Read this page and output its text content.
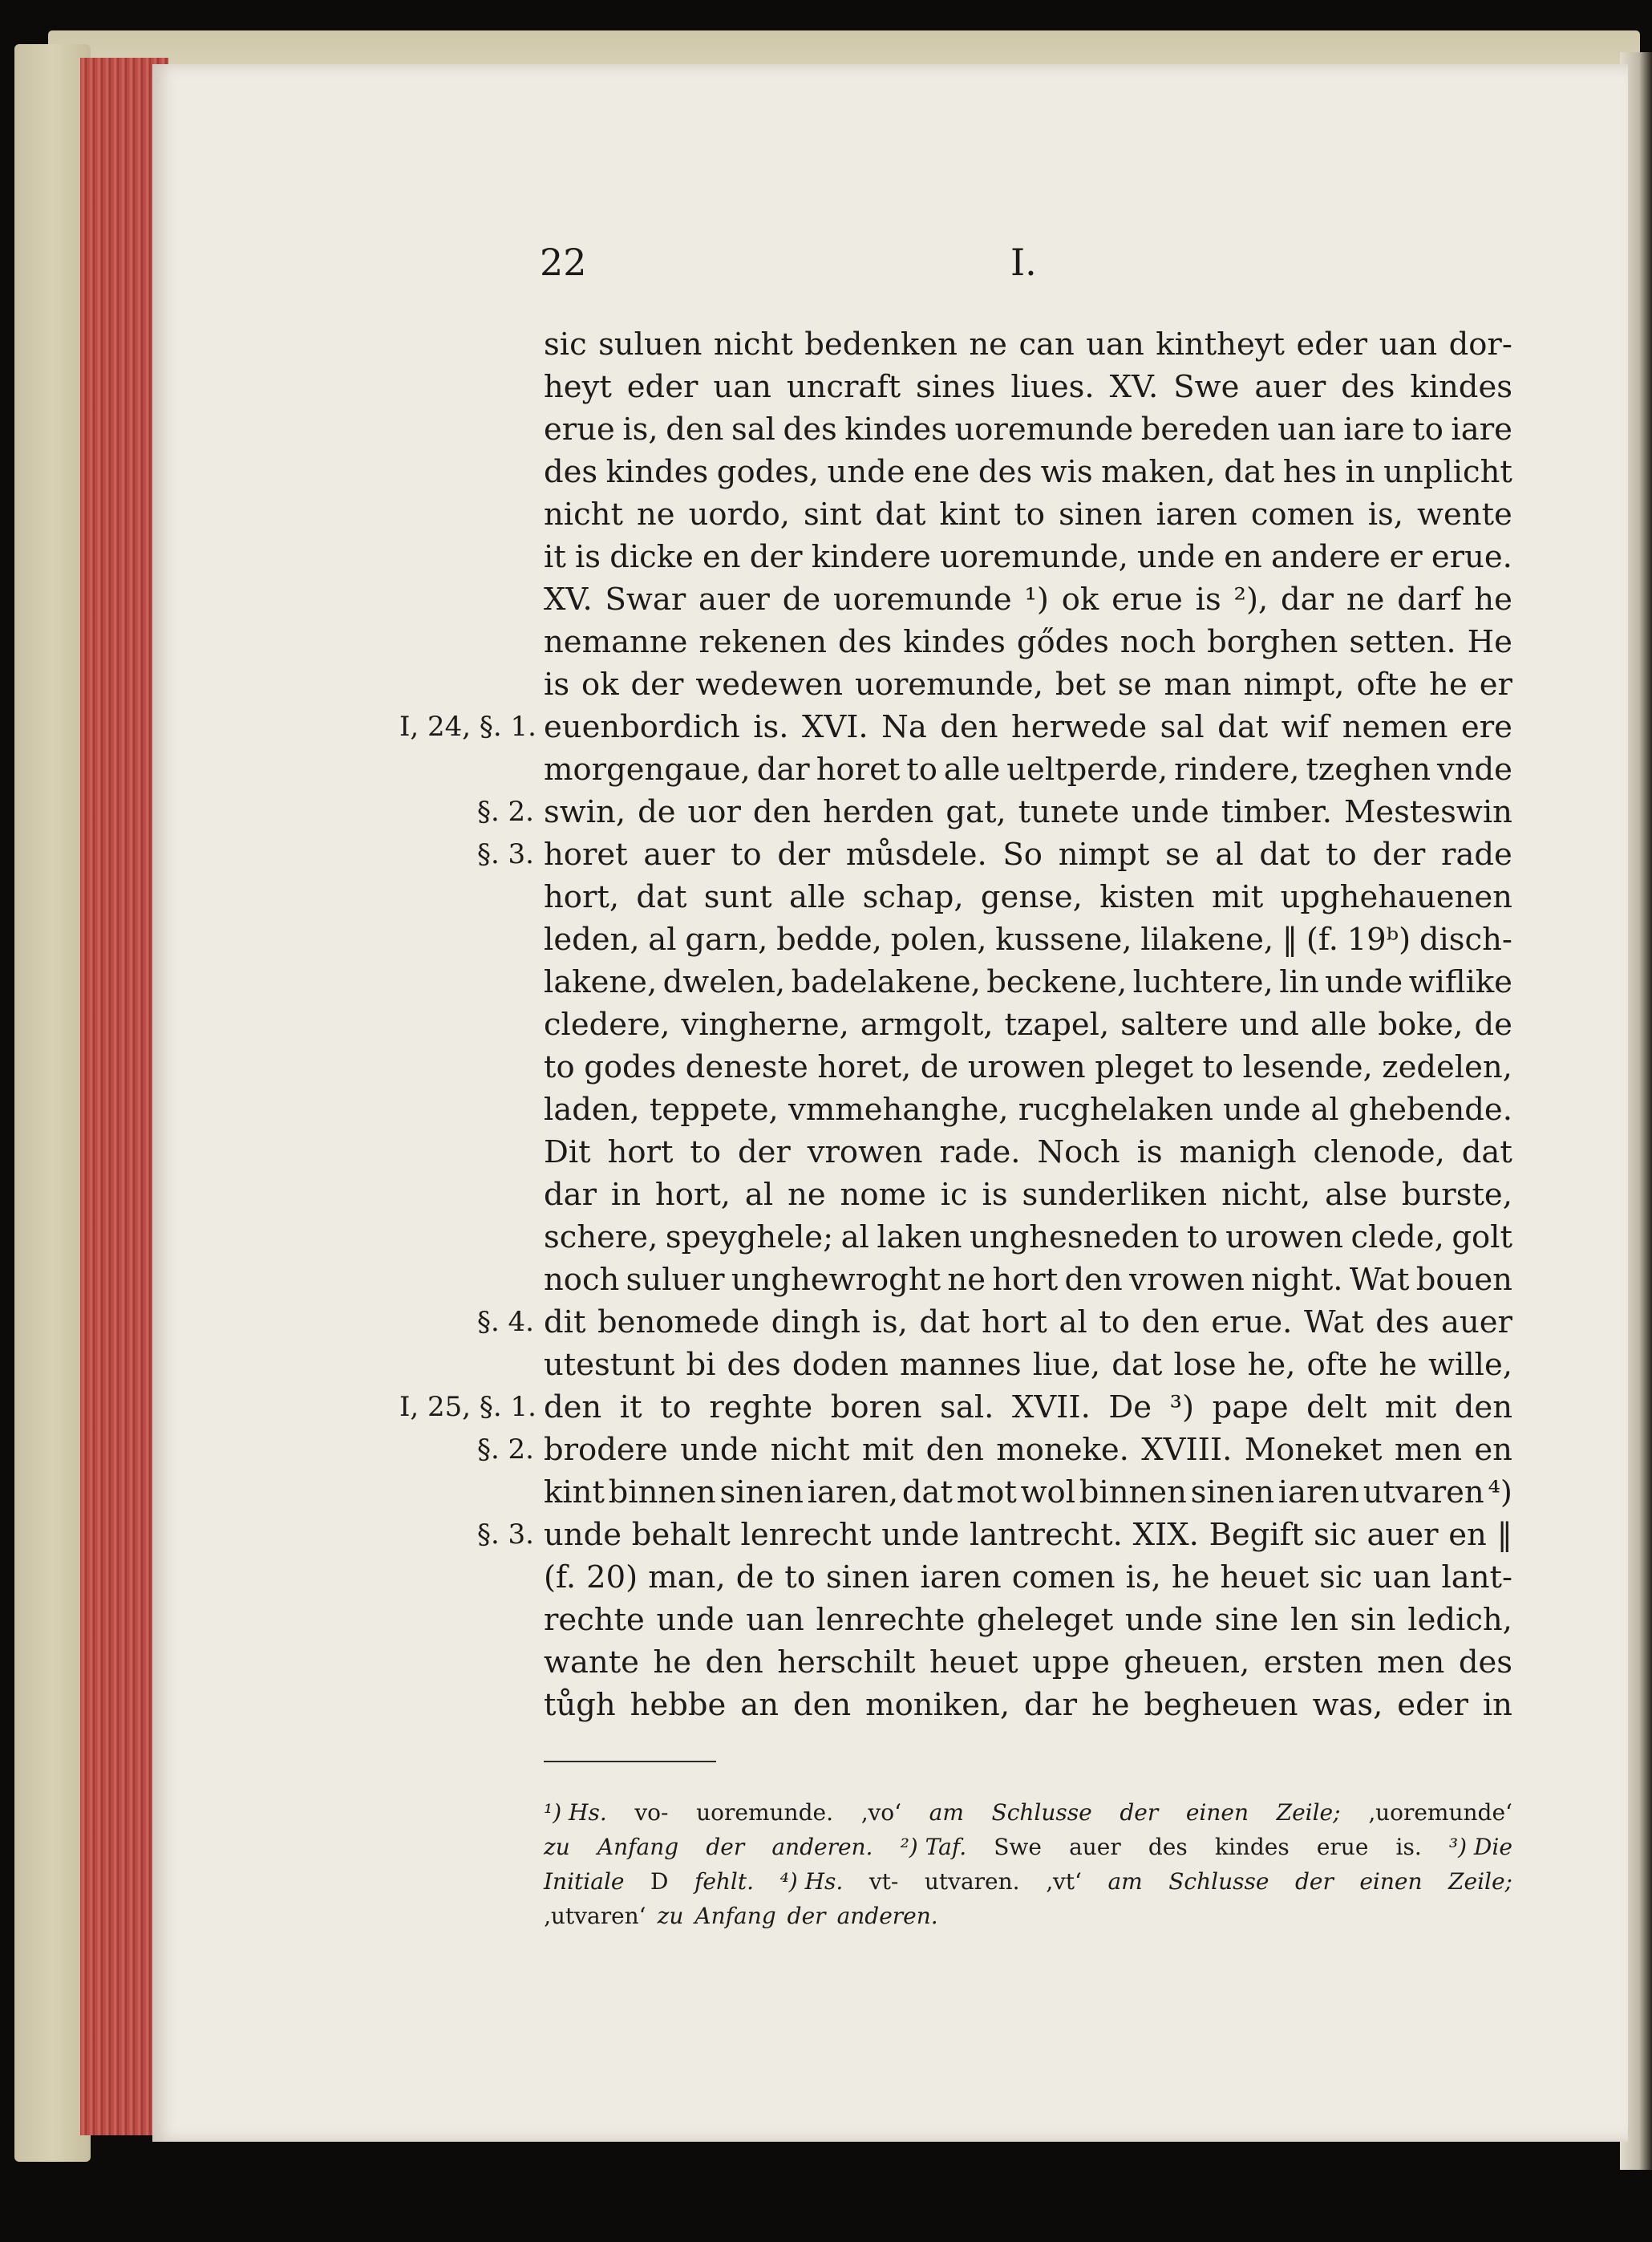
22	I.
I, 24, §. 1.
§. 2.
§. 3.
§. 4.
I, 25, §. 1.
§. 2.
§. 3.
sic suluen nicht bedenken ne can uan kintheyt eder uan dor-
heyt eder uan uncraft sines liues. XV. Swe auer des kindes
erue is, den sal des kindes uoremunde bereden uan iare to iare
des kindes godes, unde ene des wis maken, dat hes in unplicht
nicht ne uordo, sint dat kint to sinen iaren comen is, wente
it is dicke en der kindere uoremunde, unde en andere er erue.
XV. Swar auer de uoremunde ¹) ok erue is ²), dar ne darf he
nemanne rekenen des kindes gődes noch borghen setten. He
is ok der wedewen uoremunde, bet se man nimpt, ofte he er
euenbordich is. XVI. Na den herwede sal dat wif nemen ere
morgengaue, dar horet to alle ueltperde, rindere, tzeghen vnde
swin, de uor den herden gat, tunete unde timber. Mesteswin
horet auer to der můsdele. So nimpt se al dat to der rade
hort, dat sunt alle schap, gense, kisten mit upghehauenen
leden, al garn, bedde, polen, kussene, lilakene, ‖ (f. 19ᵇ) disch-
lakene, dwelen, badelakene, beckene, luchtere, lin unde wiflike
cledere, vingherne, armgolt, tzapel, saltere und alle boke, de
to godes deneste horet, de urowen pleget to lesende, zedelen,
laden, teppete, vmmehanghe, rucghelaken unde al ghebende.
Dit hort to der vrowen rade. Noch is manigh clenode, dat
dar in hort, al ne nome ic is sunderliken nicht, alse burste,
schere, speyghele; al laken unghesneden to urowen clede, golt
noch suluer unghewroght ne hort den vrowen night. Wat bouen
dit benomede dingh is, dat hort al to den erue. Wat des auer
utestunt bi des doden mannes liue, dat lose he, ofte he wille,
den it to reghte boren sal. XVII. De ³) pape delt mit den
brodere unde nicht mit den moneke. XVIII. Moneket men en
kint binnen sinen iaren, dat mot wol binnen sinen iaren utvaren ⁴)
unde behalt lenrecht unde lantrecht. XIX. Begift sic auer en ‖
(f. 20) man, de to sinen iaren comen is, he heuet sic uan lant-
rechte unde uan lenrechte gheleget unde sine len sin ledich,
wante he den herschilt heuet uppe gheuen, ersten men des
tůgh hebbe an den moniken, dar he begheuen was, eder in
¹) Hs. vo- uoremunde. ‚vo‘ am Schlusse der einen Zeile; ‚uoremunde‘
zu Anfang der anderen. ²) Taf. Swe auer des kindes erue is. ³) Die
Initiale D fehlt. ⁴) Hs. vt- utvaren. ‚vt‘ am Schlusse der einen Zeile;
‚utvaren‘ zu Anfang der anderen.
